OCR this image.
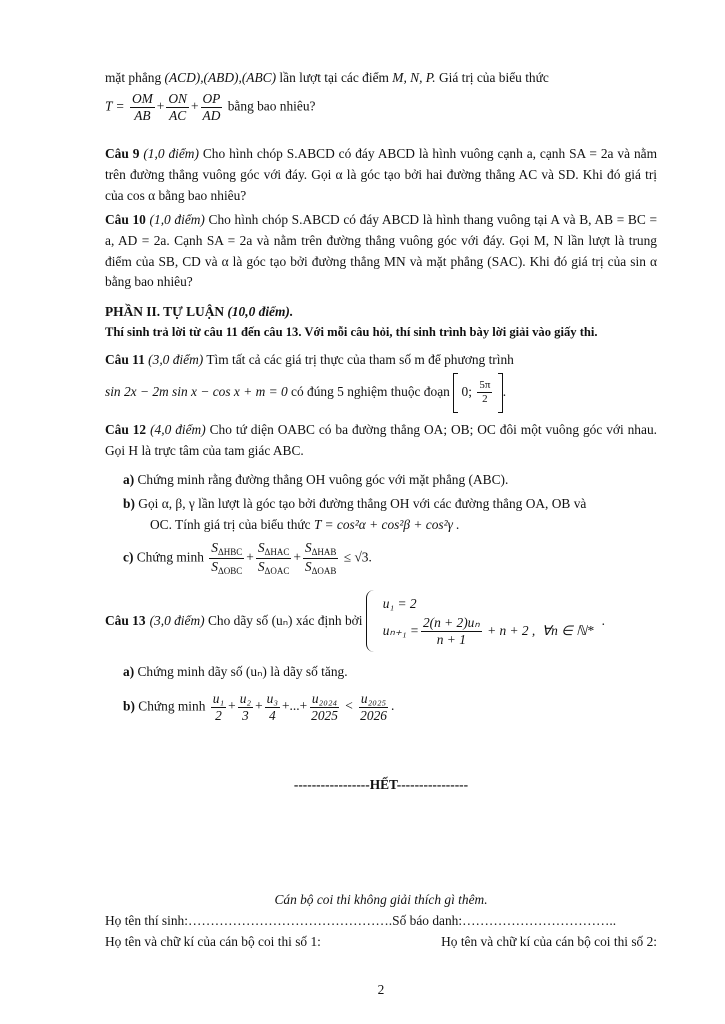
mặt phẳng (ACD),(ABD),(ABC) lần lượt tại các điểm M, N, P. Giá trị của biểu thức
$T = \frac{OM}{AB} + \frac{ON}{AC} + \frac{OP}{AD}$ bằng bao nhiêu?
Câu 9 (1,0 điểm) Cho hình chóp S.ABCD có đáy ABCD là hình vuông cạnh a, cạnh SA = 2a và nằm trên đường thẳng vuông góc với đáy. Gọi α là góc tạo bởi hai đường thẳng AC và SD. Khi đó giá trị của cos α bằng bao nhiêu?
Câu 10 (1,0 điểm) Cho hình chóp S.ABCD có đáy ABCD là hình thang vuông tại A và B, AB = BC = a, AD = 2a. Cạnh SA = 2a và nằm trên đường thẳng vuông góc với đáy. Gọi M, N lần lượt là trung điểm của SB, CD và α là góc tạo bởi đường thẳng MN và mặt phẳng (SAC). Khi đó giá trị của sin α bằng bao nhiêu?
PHẦN II. TỰ LUẬN (10,0 điểm).
Thí sinh trả lời từ câu 11 đến câu 13. Với mỗi câu hỏi, thí sinh trình bày lời giải vào giấy thi.
Câu 11 (3,0 điểm) Tìm tất cả các giá trị thực của tham số m để phương trình
sin 2x − 2m sin x − cos x + m = 0 có đúng 5 nghiệm thuộc đoạn  0; $\frac{5\pi}{2}$ .
Câu 12 (4,0 điểm) Cho tứ diện OABC có ba đường thẳng OA; OB; OC đôi một vuông góc với nhau. Gọi H là trực tâm của tam giác ABC.
a) Chứng minh rằng đường thẳng OH vuông góc với mặt phẳng (ABC).
b) Gọi α, β, γ lần lượt là góc tạo bởi đường thẳng OH với các đường thẳng OA, OB và
OC. Tính giá trị của biểu thức T = cos²α + cos²β + cos²γ .
c) Chứng minh $\frac{S_{\Delta HBC}}{S_{\Delta OBC}} + \frac{S_{\Delta HAC}}{S_{\Delta OAC}} + \frac{S_{\Delta HAB}}{S_{\Delta OAB}} \le √3$.
Câu 13 (3,0 điểm) Cho dãy số (uₙ) xác định bởi
u₁ = 2
$u_{n+1} = \frac{\text{2(n + 2)uₙ}}{n + 1} + n + 2$ ,  ∀n ∈ ℕ*
.
a) Chứng minh dãy số (uₙ) là dãy số tăng.
b) Chứng minh $\frac{\text{u₁}}{2} + \frac{\text{u₂}}{3} + \frac{\text{u₃}}{4}$ +...+ $\frac{\text{u₂₀₂₄}}{2025} < \frac{\text{u₂₀₂₅}}{2026}$ .
-----------------HẾT----------------
Cán bộ coi thi không giải thích gì thêm.
Họ tên thí sinh:……………………………………….Số báo danh:……………………………..
Họ tên và chữ kí của cán bộ coi thi số 1:	Họ tên và chữ kí của cán bộ coi thi số 2:
2
